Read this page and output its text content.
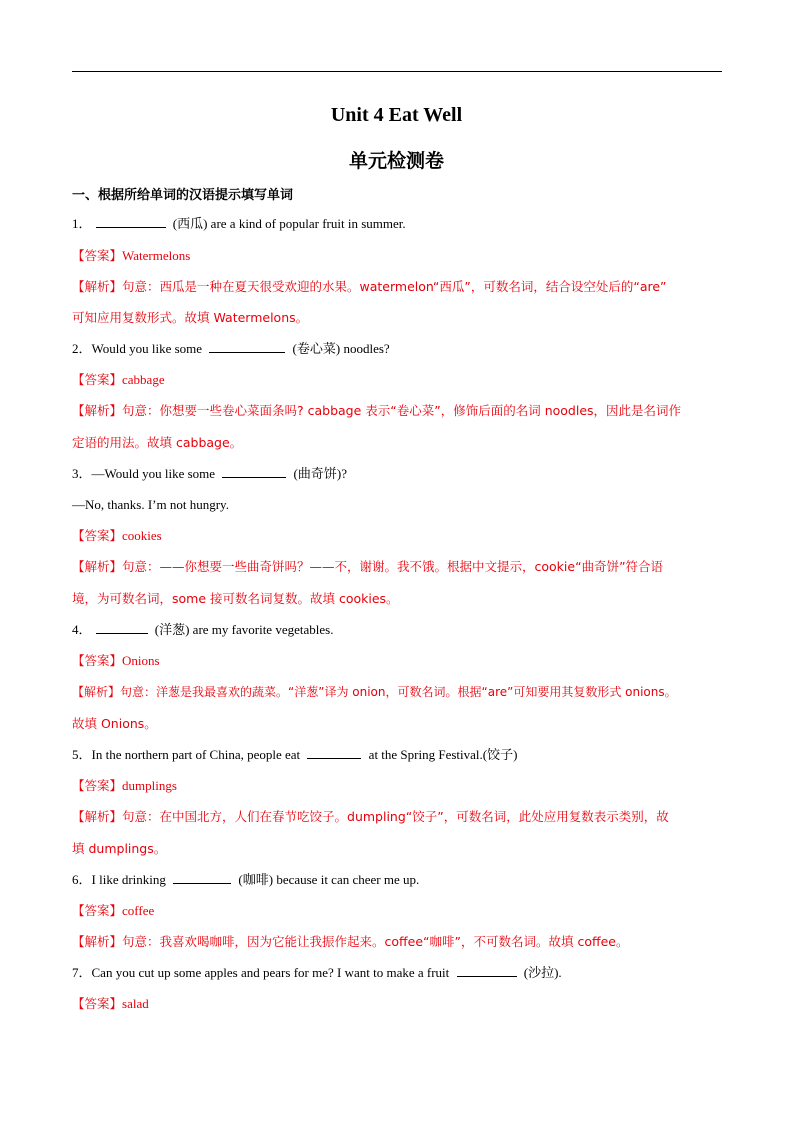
Unit 4 Eat Well
单元检测卷
一、根据所给单词的汉语提示填写单词
1．	(西瓜) are a kind of popular fruit in summer.
【答案】Watermelons
【解析】句意：西瓜是一种在夏天很受欢迎的水果。watermelon“西瓜”，可数名词，结合设空处后的“are”
可知应用复数形式。故填 Watermelons。
2．Would you like some	(卷心菜) noodles?
【答案】cabbage
【解析】句意：你想要一些卷心菜面条吗? cabbage 表示“卷心菜”，修饰后面的名词 noodles，因此是名词作
定语的用法。故填 cabbage。
3．—Would you like some	(曲奇饼)?
—No, thanks. I’m not hungry.
【答案】cookies
【解析】句意：——你想要一些曲奇饼吗？——不，谢谢。我不饿。根据中文提示，cookie“曲奇饼”符合语
境，为可数名词，some 接可数名词复数。故填 cookies。
4．	(洋葱) are my favorite vegetables.
【答案】Onions
【解析】句意：洋葱是我最喜欢的蔬菜。“洋葱”译为 onion，可数名词。根据“are”可知要用其复数形式 onions。
故填 Onions。
5．In the northern part of China, people eat	at the Spring Festival.(饺子)
【答案】dumplings
【解析】句意：在中国北方，人们在春节吃饺子。dumpling“饺子”，可数名词，此处应用复数表示类别，故
填 dumplings。
6．I like drinking	(咖啡) because it can cheer me up.
【答案】coffee
【解析】句意：我喜欢喝咖啡，因为它能让我振作起来。coffee“咖啡”，不可数名词。故填 coffee。
7．Can you cut up some apples and pears for me? I want to make a fruit	(沙拉).
【答案】salad
